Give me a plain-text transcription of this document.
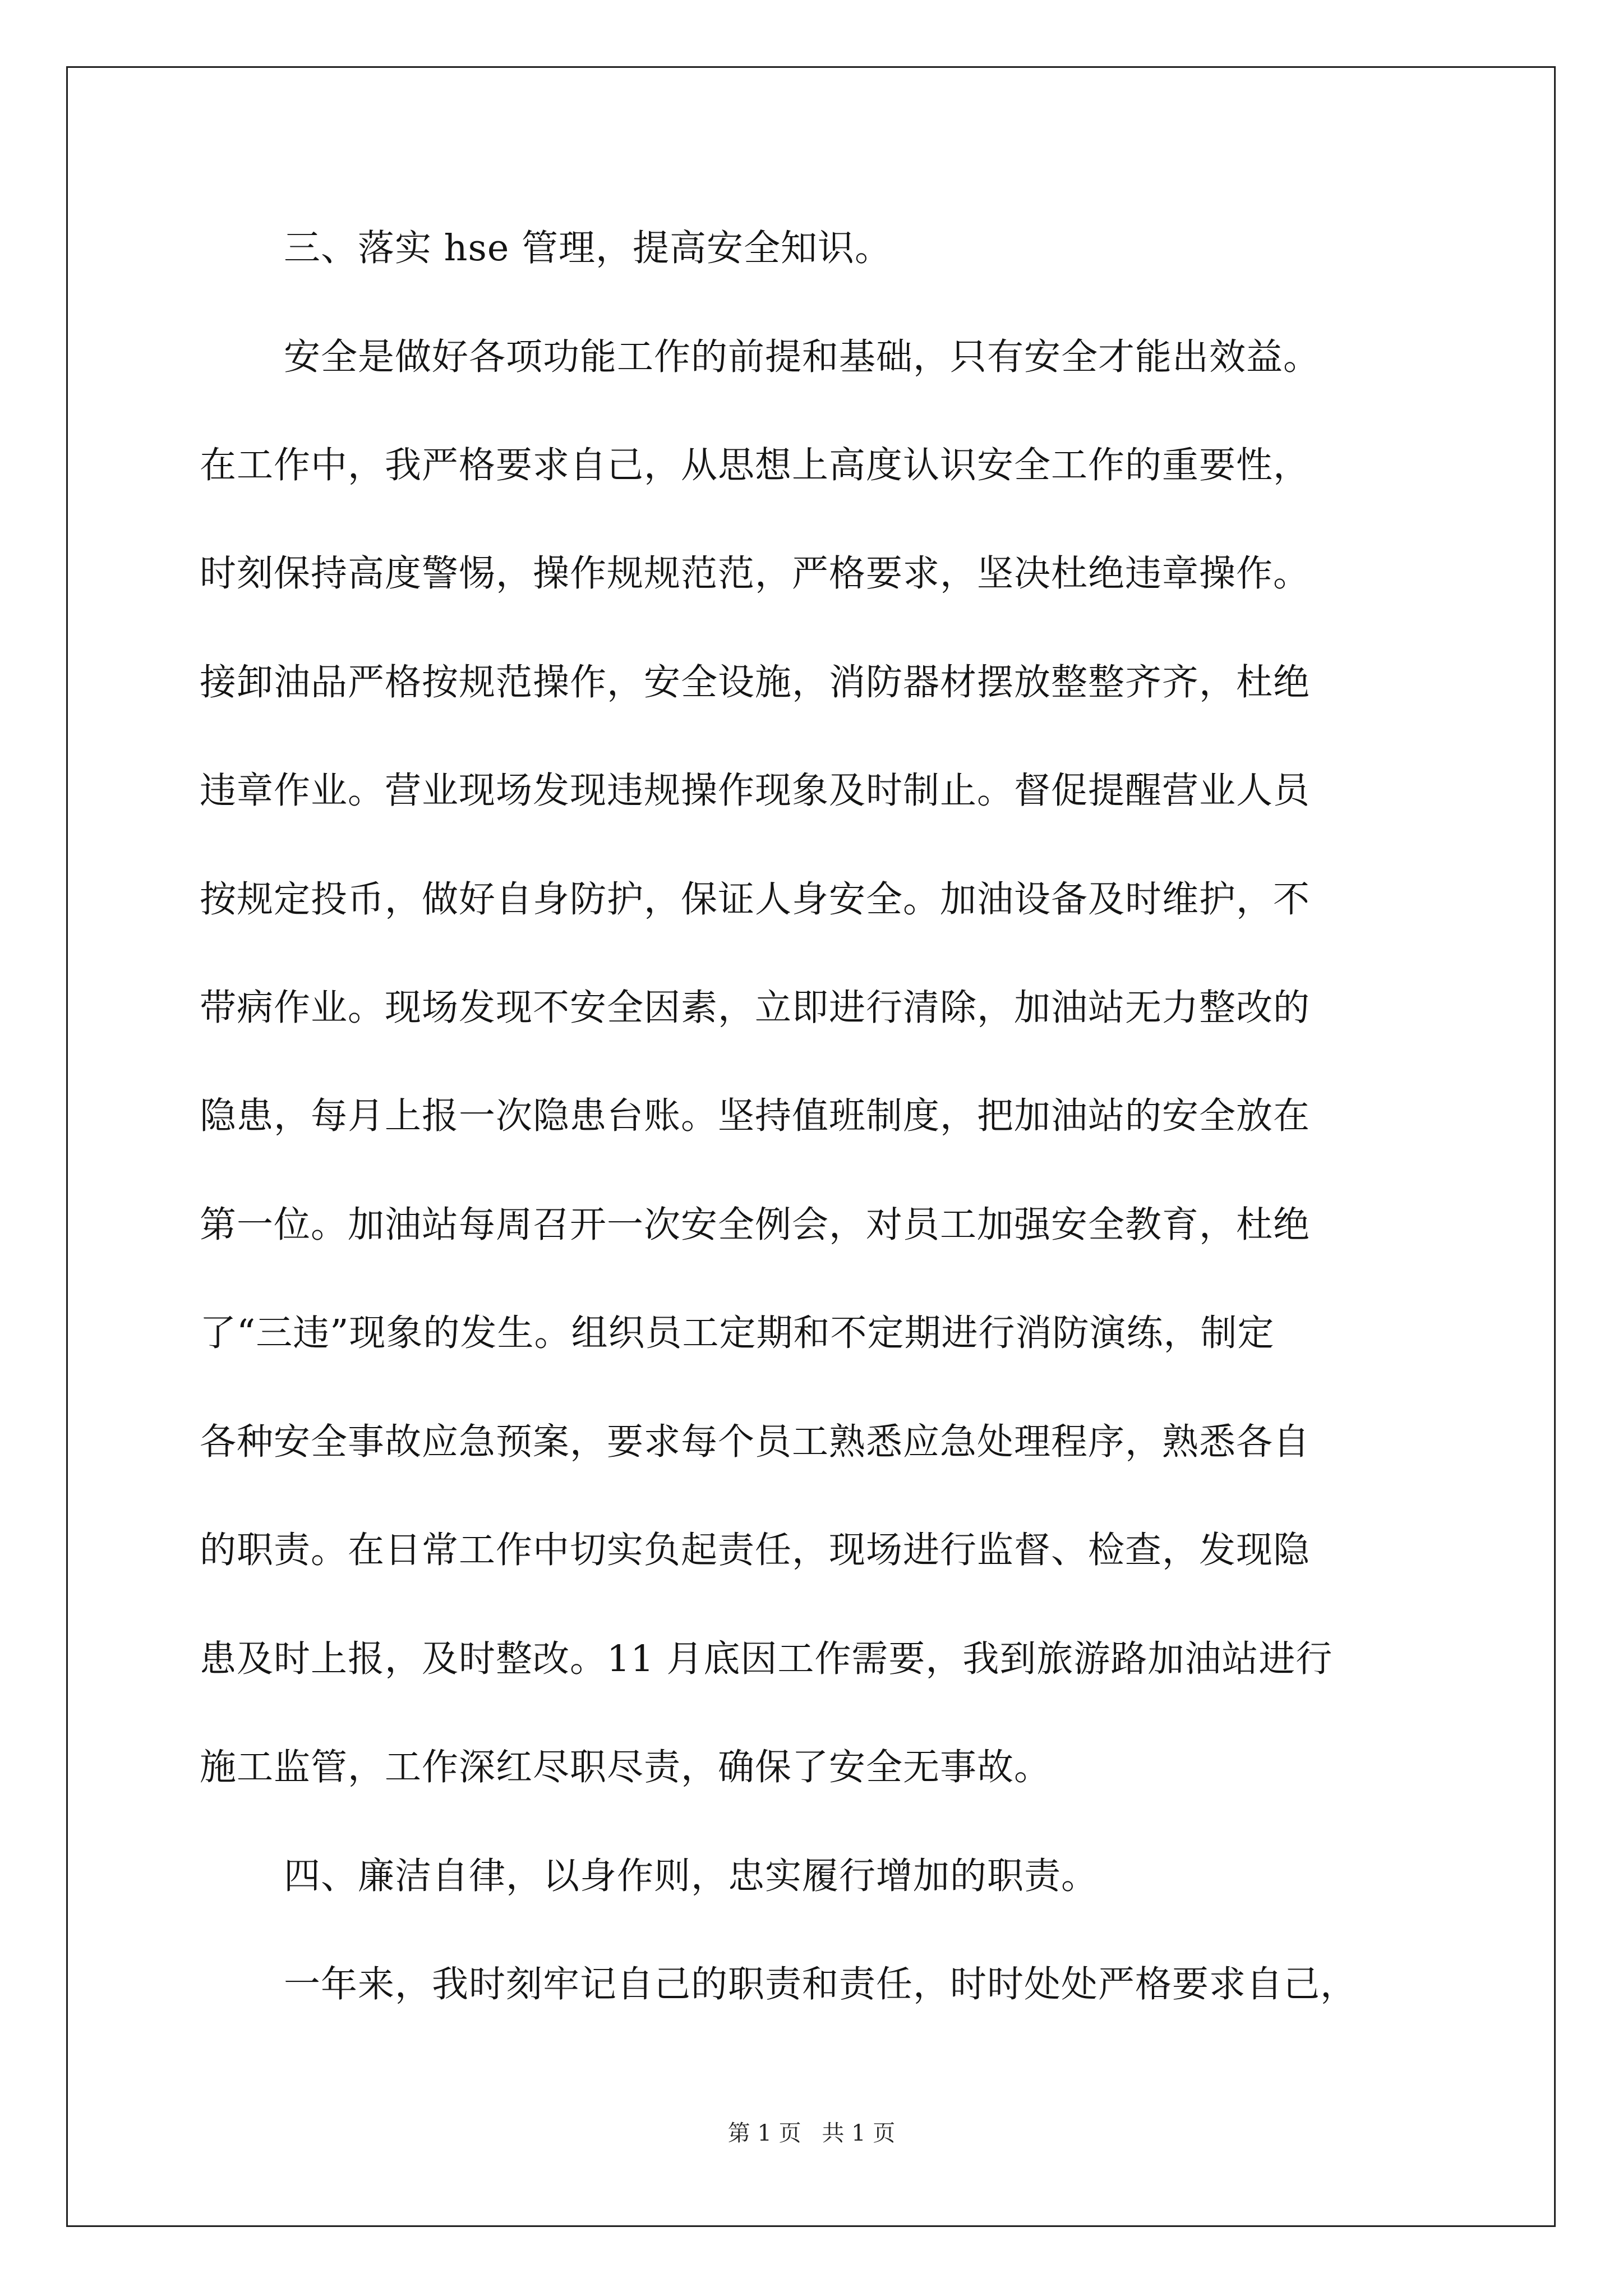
三、落实 hse 管理，提高安全知识。
安全是做好各项功能工作的前提和基础，只有安全才能出效益。
在工作中，我严格要求自己，从思想上高度认识安全工作的重要性，
时刻保持高度警惕，操作规规范范，严格要求，坚决杜绝违章操作。
接卸油品严格按规范操作，安全设施，消防器材摆放整整齐齐，杜绝
违章作业。营业现场发现违规操作现象及时制止。督促提醒营业人员
按规定投币，做好自身防护，保证人身安全。加油设备及时维护，不
带病作业。现场发现不安全因素，立即进行清除，加油站无力整改的
隐患，每月上报一次隐患台账。坚持值班制度，把加油站的安全放在
第一位。加油站每周召开一次安全例会，对员工加强安全教育，杜绝
了“三违”现象的发生。组织员工定期和不定期进行消防演练，制定
各种安全事故应急预案，要求每个员工熟悉应急处理程序，熟悉各自
的职责。在日常工作中切实负起责任，现场进行监督、检查，发现隐
患及时上报，及时整改。11 月底因工作需要，我到旅游路加油站进行
施工监管，工作深红尽职尽责，确保了安全无事故。
四、廉洁自律，以身作则，忠实履行增加的职责。
一年来，我时刻牢记自己的职责和责任，时时处处严格要求自己，
第 1 页 共 1 页
